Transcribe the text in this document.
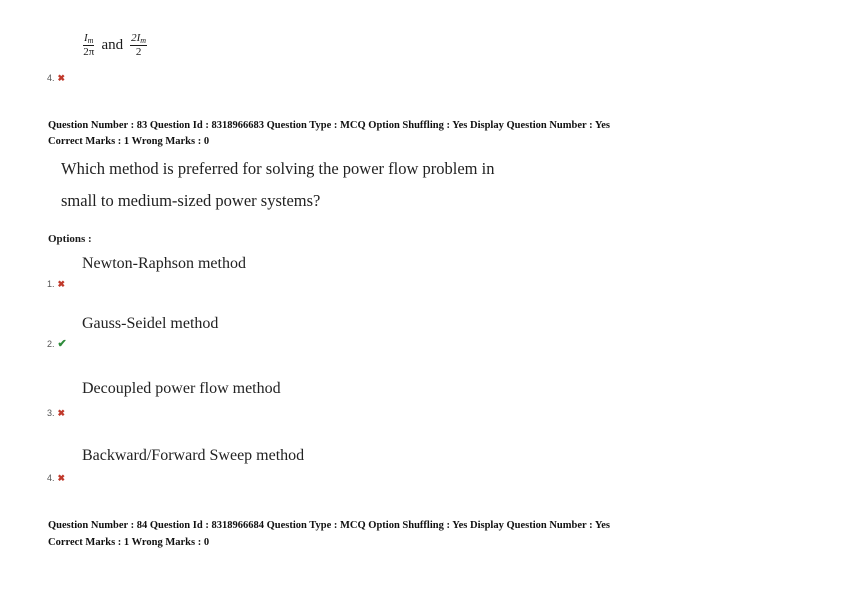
$\frac{I_m}{2\pi}$ and $\frac{2I_m}{2}$
4. ✖
Question Number : 83 Question Id : 8318966683 Question Type : MCQ Option Shuffling : Yes Display Question Number : Yes
Correct Marks : 1 Wrong Marks : 0
Which method is preferred for solving the power flow problem in
small to medium-sized power systems?
Options :
Newton-Raphson method
1. ✖
Gauss-Seidel method
2. ✔
Decoupled power flow method
3. ✖
Backward/Forward Sweep method
4. ✖
Question Number : 84 Question Id : 8318966684 Question Type : MCQ Option Shuffling : Yes Display Question Number : Yes
Correct Marks : 1 Wrong Marks : 0
